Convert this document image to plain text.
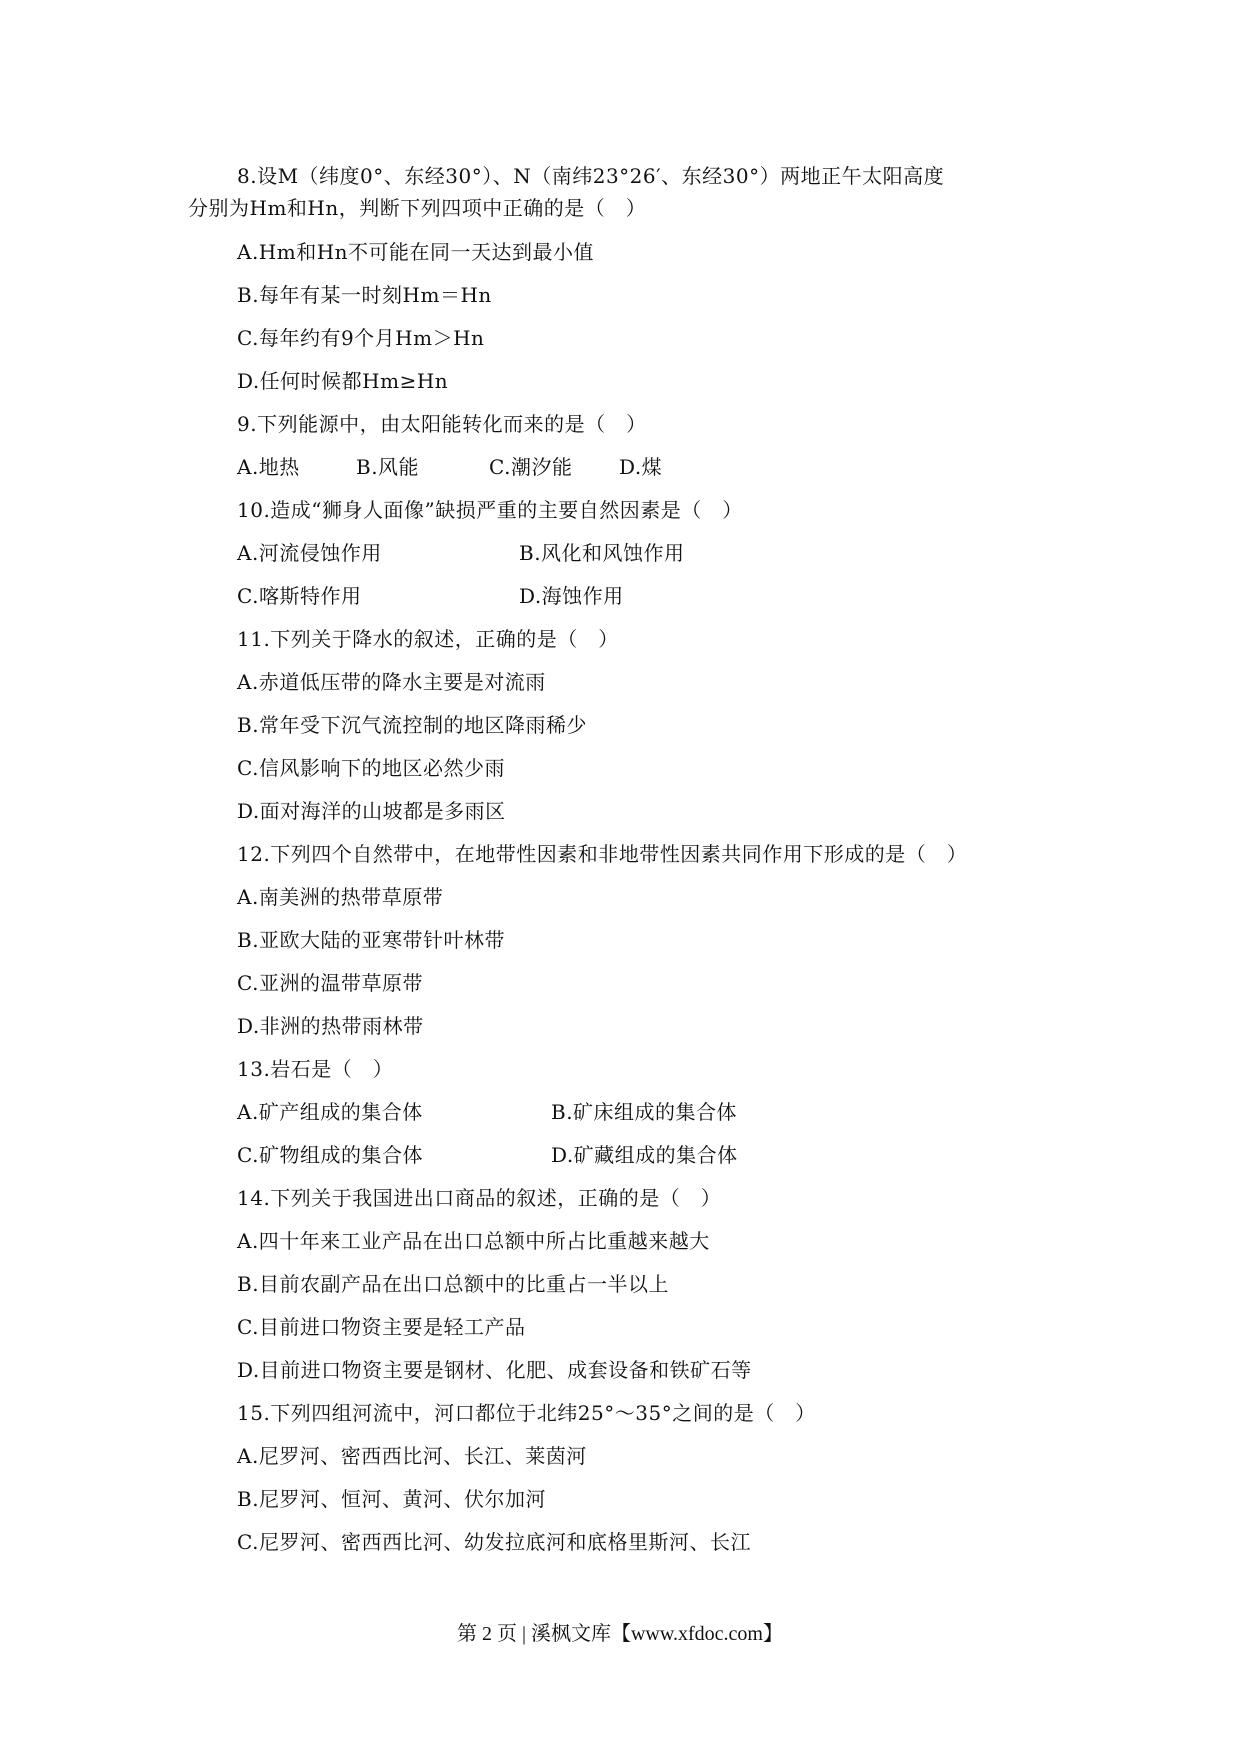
8.设M（纬度0°、东经30°）、N（南纬23°26′、东经30°）两地正午太阳高度
分别为Hm和Hn，判断下列四项中正确的是（　）
A.Hm和Hn不可能在同一天达到最小值
B.每年有某一时刻Hm＝Hn
C.每年约有9个月Hm＞Hn
D.任何时候都Hm≥Hn
9.下列能源中，由太阳能转化而来的是（　）
A.地热	B.风能	C.潮汐能 D.煤
10.造成“狮身人面像”缺损严重的主要自然因素是（　）
A.河流侵蚀作用	B.风化和风蚀作用
C.喀斯特作用	D.海蚀作用
11.下列关于降水的叙述，正确的是（　）
A.赤道低压带的降水主要是对流雨
B.常年受下沉气流控制的地区降雨稀少
C.信风影响下的地区必然少雨
D.面对海洋的山坡都是多雨区
12.下列四个自然带中，在地带性因素和非地带性因素共同作用下形成的是（　）
A.南美洲的热带草原带
B.亚欧大陆的亚寒带针叶林带
C.亚洲的温带草原带
D.非洲的热带雨林带
13.岩石是（　）
A.矿产组成的集合体	B.矿床组成的集合体
C.矿物组成的集合体	D.矿藏组成的集合体
14.下列关于我国进出口商品的叙述，正确的是（　）
A.四十年来工业产品在出口总额中所占比重越来越大
B.目前农副产品在出口总额中的比重占一半以上
C.目前进口物资主要是轻工产品
D.目前进口物资主要是钢材、化肥、成套设备和铁矿石等
15.下列四组河流中，河口都位于北纬25°～35°之间的是（　）
A.尼罗河、密西西比河、长江、莱茵河
B.尼罗河、恒河、黄河、伏尔加河
C.尼罗河、密西西比河、幼发拉底河和底格里斯河、长江
第 2 页 | 溪枫文库【www.xfdoc.com】
